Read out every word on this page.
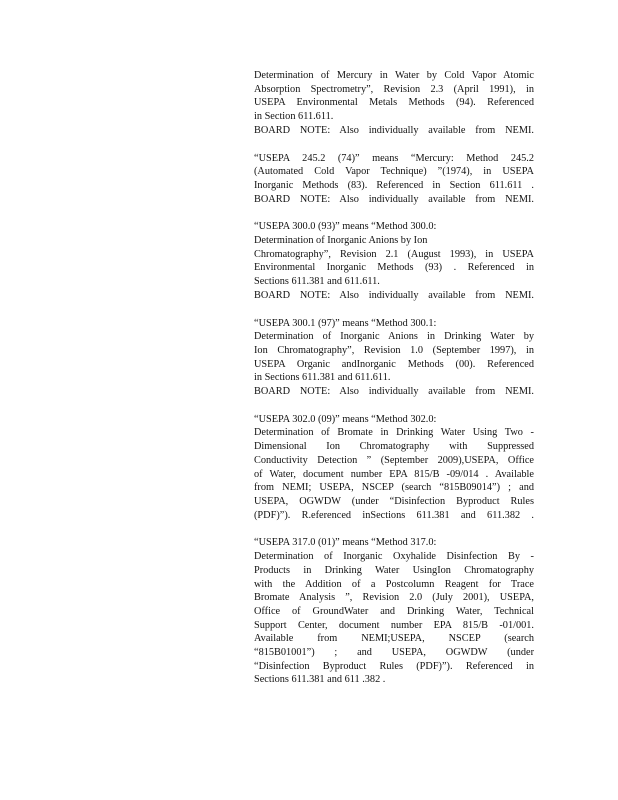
Determination of Mercury in Water by Cold Vapor Atomic
Absorption Spectrometry”, Revision 2.3 (April 1991), in
USEPA Environmental Metals Methods (94). Referenced
in Section 611.611.
BOARD NOTE: Also individually available from NEMI.
“USEPA 245.2 (74)” means “Mercury: Method 245.2
(Automated Cold Vapor Technique) ”(1974), in USEPA
Inorganic Methods (83). Referenced in Section 611.611 .
BOARD NOTE: Also individually available from NEMI.
“USEPA 300.0 (93)” means “Method 300.0:
Determination of Inorganic Anions by Ion
Chromatography”, Revision 2.1 (August 1993), in USEPA
Environmental Inorganic Methods (93) . Referenced in
Sections 611.381 and 611.611.
BOARD NOTE: Also individually available from NEMI.
“USEPA 300.1 (97)” means “Method 300.1:
Determination of Inorganic Anions in Drinking Water by
Ion Chromatography”, Revision 1.0 (September 1997), in
USEPA Organic andInorganic Methods (00). Referenced
in Sections 611.381 and 611.611.
BOARD NOTE: Also individually available from NEMI.
“USEPA 302.0 (09)” means “Method 302.0:
Determination of Bromate in Drinking Water Using Two -
Dimensional Ion Chromatography with Suppressed
Conductivity Detection ” (September 2009),USEPA, Office
of Water, document number EPA 815/B -09/014 . Available
from NEMI; USEPA, NSCEP (search “815B09014”) ; and
USEPA, OGWDW (under “Disinfection Byproduct Rules
(PDF)”). R.eferenced inSections 611.381 and 611.382 .
“USEPA 317.0 (01)” means “Method 317.0:
Determination of Inorganic Oxyhalide Disinfection By -
Products in Drinking Water UsingIon Chromatography
with the Addition of a Postcolumn Reagent for Trace
Bromate Analysis ”, Revision 2.0 (July 2001), USEPA,
Office of GroundWater and Drinking Water, Technical
Support Center, document number EPA 815/B -01/001.
Available from NEMI;USEPA, NSCEP (search
“815B01001”) ; and USEPA, OGWDW (under
“Disinfection Byproduct Rules (PDF)”). Referenced in
Sections 611.381 and 611 .382 .
